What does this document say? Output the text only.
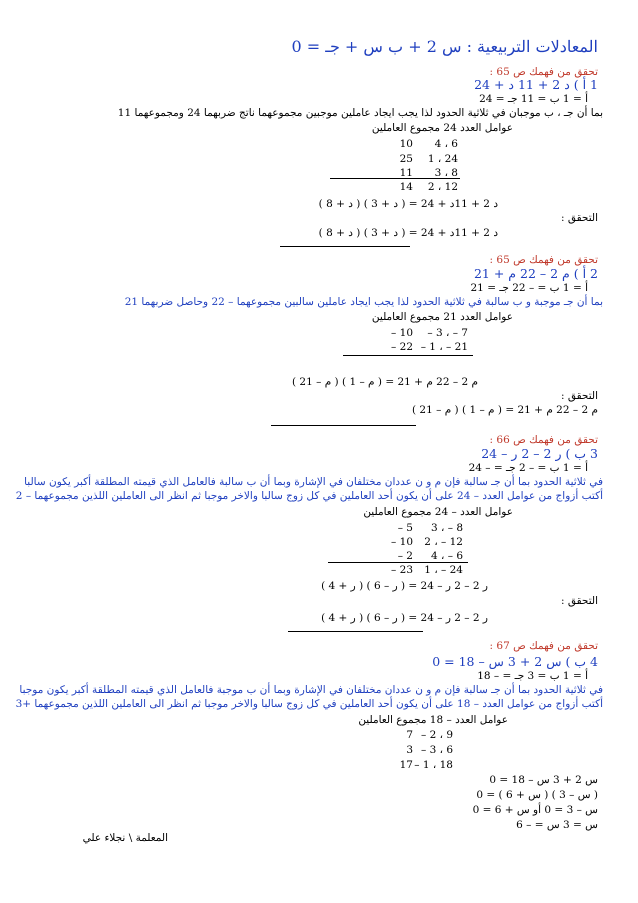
المعادلات التربيعية : س 2 + ب س + جـ = 0
تحقق من فهمك ص 65 :
1 أ ) د 2 + 11 د + 24
أ = 1 ب = 11 جـ = 24
بما أن جـ ، ب موجبان في ثلاثية الحدود لذا يجب ايجاد عاملين موجبين مجموعهما ناتج ضربهما 24 ومجموعهما 11
عوامل العدد 24 مجموع العاملين
4 ، 6
10
1 ، 24
25
3 ، 8
11
2 ، 12
14
د 2 + 11د + 24 = ( د + 3 ) ( د + 8 )
التحقق :
د 2 + 11د + 24 = ( د + 3 ) ( د + 8 )
تحقق من فهمك ص 65 :
2 أ ) م 2 – 22 م + 21
أ = 1 ب = – 22 جـ = 21
بما أن جـ موجبة و ب سالبة في ثلاثية الحدود لذا يجب ايجاد عاملين سالبين مجموعهما – 22 وحاصل ضربهما 21
عوامل العدد 21 مجموع العاملين
– 3 ، – 7
– 10
– 1 ، – 21
– 22
م 2 – 22 م + 21 = ( م – 1 ) ( م – 21 )
التحقق :
م 2 – 22 م + 21 = ( م – 1 ) ( م – 21 )
تحقق من فهمك ص 66 :
3 ب ) ر 2 – 2 ر – 24
أ = 1 ب = – 2 جـ = – 24
في ثلاثية الحدود بما أن جـ سالبة فإن م و ن عددان مختلفان في الإشارة وبما أن ب سالبة فالعامل الذي قيمته المطلقة أكبر يكون سالبا
أكتب أزواج من عوامل العدد – 24 على أن يكون أحد العاملين في كل زوج سالبا والاخر موجبا ثم انظر الى العاملين اللذين مجموعهما – 2
عوامل العدد – 24 مجموع العاملين
3 ، – 8
– 5
2 ، – 12
– 10
4 ، – 6
– 2
1 ، – 24
– 23
ر 2 – 2 ر – 24 = ( ر – 6 ) ( ر + 4 )
التحقق :
ر 2 – 2 ر – 24 = ( ر – 6 ) ( ر + 4 )
تحقق من فهمك ص 67 :
4 ب ) س 2 + 3 س – 18 = 0
أ = 1 ب = 3 جـ = – 18
في ثلاثية الحدود بما أن جـ سالبة فإن م و ن عددان مختلفان في الإشارة وبما أن ب موجبة فالعامل الذي قيمته المطلقة أكبر يكون موجبا
أكتب أزواج من عوامل العدد – 18 على أن يكون أحد العاملين في كل زوج سالبا والاخر موجبا ثم انظر الى العاملين اللذين مجموعهما +3
عوامل العدد – 18 مجموع العاملين
– 2 ، 9
7
– 3 ، 6
3
– 1 ، 18
17
س 2 + 3 س – 18 = 0
( س – 3 ) ( س + 6 ) = 0
س – 3 = 0 أو س + 6 = 0
س = 3 س = – 6
المعلمة \ نجلاء علي
